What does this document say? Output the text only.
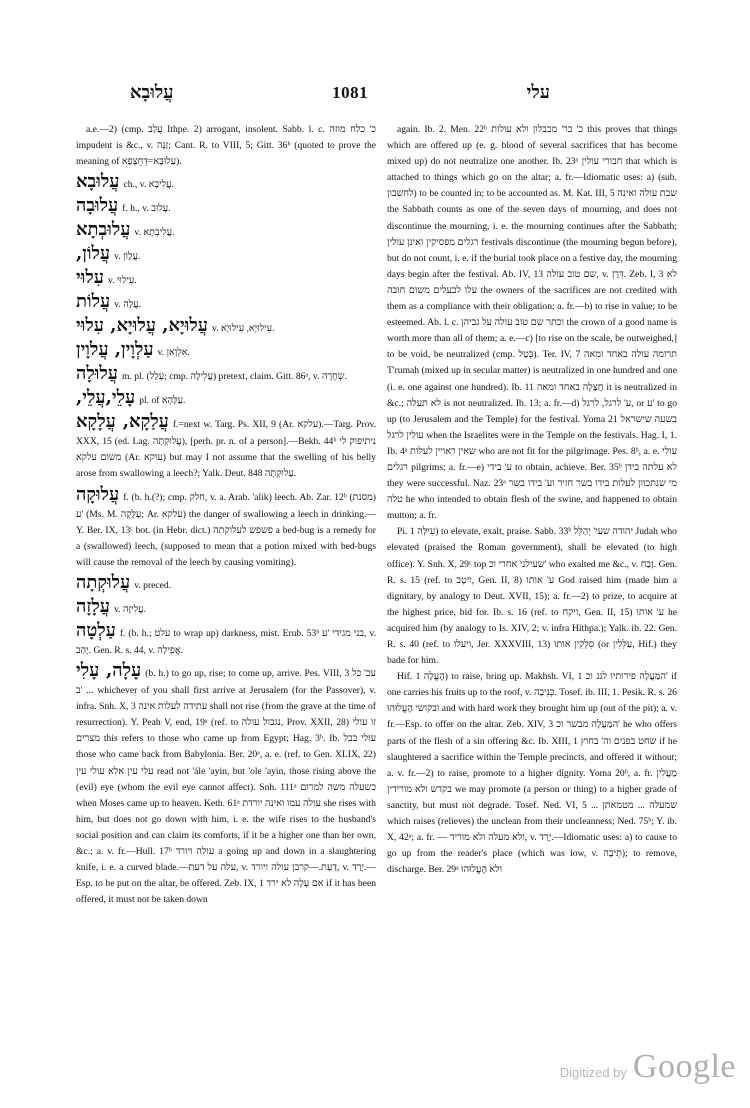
עֲלוּבָא	1081	עלי

a.e.—2) (cmp. עֲלַב Ithpe. 2) arrogant, insolent. Sabb. l. c. כ' כלח מוזה impudent is &c., v. זַנָּה; Cant. R. to VIII, 5; Gitt. 36ᵇ (quoted to prove the meaning of עַלוּבָּא=דְּחֻצְפָא).

עֲלוּבָא ch., v. עֲלִיבָא.

עֲלוּבָה f. h., v. עָלוּב.

עֲלוּבְתָא v. עֲלִיבְתָא.

עֲלוֹן, v. עֲלָוֹן.

עִלוּי v. עִילוּי.

עֲלוֹת v. עֲלָה.

עֲלוּיָא, עֲלוּיָא, עִלוּי v. עִילוּיָא, עִילוּיָא.

עַלְוָין, עֲלוָין v. אִלְוָאן.

עֲלוּלָה m. pl. (עָלַל; cmp. עֲלִילָה) pretext, claim. Gitt. 86ᵃ, v. שְׂחָרָה.

עָלֵי,עֲלֵי, pl. of עַלָּהָא.

עֲלַקָא, עֲלָקָא f.=next w. Targ. Ps. XII, 9 (Ar. עלקא).—Targ. Prov. XXX, 15 (ed. Lag. עֲלוּקְתָה), [perh. pr. n. of a person].—Bekh. 44ᵇ ניתיפוק לי משום עלקא (Ar. עוקא) but may I not assume that the swelling of his belly arose from swallowing a leech?; Yalk. Deut. 848 עַלוּקְתָה.

עֲלוּקָה f. (b. h.(?); cmp. חלק, v. a. Arab. 'alik) leech. Ab. Zar. 12ᵇ (מסנת) ע' (Ms. M. עַלָּקָה; Ar. עלקא) the danger of swallowing a leech in drinking.—Y. Ber. IX, 13ᶜ bot. (in Hebr. dict.) פשפש לעלוקתה a bed-bug is a remedy for a (swallowed) leech, (supposed to mean that a potion mixed with bed-bugs will cause the removal of the leech by causing vomiting).

עֲלוּקְתָה v. preced.

עֲלָזָה v. עֲלִיזָה.

עַלְטָה f. (b. h.; עלט to wrap up) darkness, mist. Erub. 53ᵇ בני מגידי 'ע, v. יָהַב. Gen. R. s. 44, v. אֲפֵילָה.

עָלָה, עָלִי (b. h.) to go up, rise; to come up, arrive. Pes. VIII, 3 עכ' כל ... 'ב whichever of you shall first arrive at Jerusalem (for the Passover), v. infra. Snh. X, 3 עתידה לעלות אינה shall not rise (from the grave at the time of resurrection). Y. Peah V, end, 19ᵃ (ref. to נגבול עולה, Prov. XXII, 28) זו עולי מצרים this refers to those who came up from Egypt; Hag. 3ᵇ. Ib. עולי בבל those who came back from Babylonia. Ber. 20ᵃ, a. e. (ref. to Gen. XLIX, 22) עלי עין אלא עולי עין read not 'ále 'ayin, but 'ole 'ayin, those rising above the (evil) eye (whom the evil eye cannot affect). Snh. 111ᵃ כשעלה משה למרום when Moses came up to heaven. Keth. 61ᵃ עולה עמו ואינה יורדת she rises with him, but does not go down with him, i. e. the wife rises to the husband's social position and can claim its comforts, if it be a higher one than her own, &c.; a. v. fr.—Hull. 17ᵇ עולה ויורד a going up and down in a slaughtering knife, i. e. a curved blade.—עלה על דעת, v. דַּעַת.—קרבן עולה ויורד, v. יָרַד.—Esp. to be put on the altar, be offered. Zeb. IX, 1 אם עָלָה לא ירד if it has been offered, it must not be taken down

again. Ib. 2. Men. 22ᵇ כ' כר' מבבלון ולא עולות this proves that things which are offered up (e. g. blood of several sacrifices that has become mixed up) do not neutralize one another. Ib. 23ᵃ חבורי עולין that which is attached to things which go on the altar; a. fr.—Idiomatic uses: a) (sub. לחשבון) to be counted in; to be accounted as. M. Kat. III, 5 שבת עולה ואינה the Sabbath counts as one of the seven days of mourning, and does not discontinue the mourning, i. e. the mourning continues after the Sabbath; רגלים מפסיקין ואינן עולין festivals discontinue (the mourning begun before), but do not count, i. e. if the burial took place on a festive day, the mourning days begin after the festival. Ab. IV, 13 שם טוב עולה, v. דֵּרָן. Zeb. I, 3 לא עלו לבעלים משום חובה the owners of the sacrifices are not credited with them as a compliance with their obligation; a. fr.—b) to rise in value; to be esteemed. Ab. l. c. וכתר שם טוב עולה על גביהן the crown of a good name is worth more than all of them; a. e.—c) [to rise on the scale, be outweighed,] to be void, be neutralized (cmp. בְּטַל). Ter. IV, 7 תרומה עולה באחד ומאה T'rumah (mixed up in secular matter) is neutralized in one hundred and one (i. e. one against one hundred). Ib. 11 חֲצַלָה באחד ומאה it is neutralized in &c.; לא תעלה is not neutralized. Ib. 13; a. fr.—d) ע' לרגל, לרגל, or ע' to go up (to Jerusalem and the Temple) for the festival. Yoma 21 בשעה שישראל עולין לרגל when the Israelites were in the Temple on the festivals. Hag. I, 1. Ib. 4ᵃ שאין ראויין לעלות who are not fit for the pilgrimage. Pes. 8ᵇ, a. e. עולי רגלים pilgrims; a. fr.—e) ע' בידי to obtain, achieve. Ber. 35ᵇ לא עלתה בידן they were successful. Naz. 23ᵃ מי שנתכוון לעלות בידו בשר חזיר וע' בידו בשר טלה he who intended to obtain flesh of the swine, and happened to obtain mutton; a. fr.

Pi. עִילָּה 1) to elevate, exalt, praise. Sabb. 33ᵇ יהודה שעי' יְהַלֵּל Judah who elevated (praised the Roman government), shall be elevated (to high office). Y. Snh. X, 29ᶜ top שעילני אחרי וכ' who exalted me &c., v. זָבַח. Gen. R. s. 15 (ref. to יִיטָב, Gen. II, 8) ע' אותו God raised him (made him a dignitary, by analogy to Deut. XVII, 15); a. fr.—2) to prize, to acquire at the highest price, bid for. Ib. s. 16 (ref. to ויקח, Gen. II, 15) ע' אותו he acquired him (by analogy to Is. XIV, 2; v. infra Hithpa.); Yalk. ib. 22. Gen. R. s. 40 (ref. to ויעלו, Jer. XXXVIII, 13) סִלְּקִין אותו (or עַלְּלִין, Hif.) they bade for him.

Hif. הֶעֱלָה 1) to raise, bring up. Makhsh. VI, 1 המַעֲלָה פירותיו לגג וכ' if one carries his fruits up to the roof, v. כְּנִיבָה. Tosef. ib. III, 1. Pesik. R. s. 26 ובקושי הֶעֱלוּהוּ and with hard work they brought him up (out of the pit); a. v. fr.—Esp. to offer on the altar. Zeb. XIV, 3 המַעֲלָה מבשר וכ' he who offers parts of the flesh of a sin offering &c. Ib. XIII, 1 שחט בפנים וה' בחוץ if he slaughtered a sacrifice within the Temple precincts, and offered it without; a. v. fr.—2) to raise, promote to a higher dignity. Yoma 20ᵇ, a. fr. מַעֲלִין בקדש ולא מורידין we may promote (a person or thing) to a higher grade of sanctity, but must not degrade. Tosef. Ned. VI, 5 ... שמעלה ... מטמאתן which raises (relieves) the unclean from their uncleanness; Ned. 75ᵇ; Y. ib. X, 42ᵃ; a. fr. — ולא מעלה ולא מוריד, v. יָרַד.—Idiomatic uses: a) to cause to go up from the reader's place (which was low, v. תֵּיבָה); to remove, discharge. Ber. 29ᵃ ולא הֶעֱלוּהוּ

Digitized by Google
